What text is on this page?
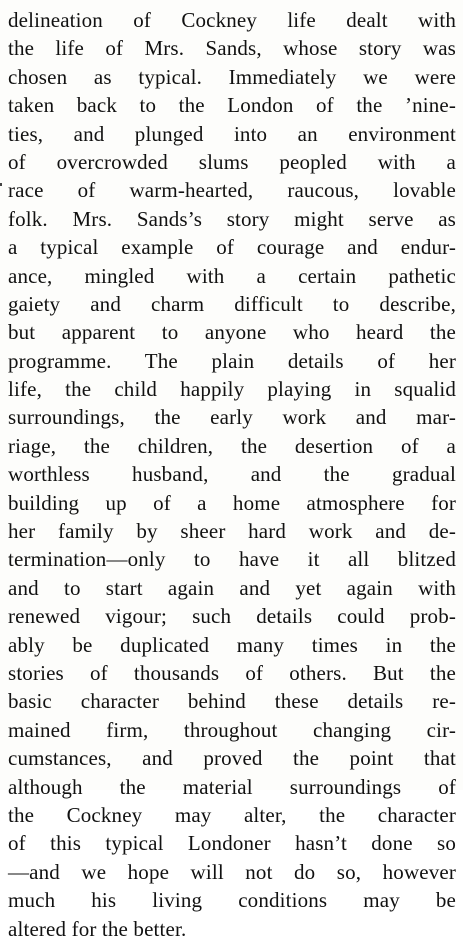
delineation of Cockney life dealt with
the life of Mrs. Sands, whose story was
chosen as typical. Immediately we were
taken back to the London of the ’nine-
ties, and plunged into an environment
of overcrowded slums peopled with a
race of warm-hearted, raucous, lovable
folk. Mrs. Sands’s story might serve as
a typical example of courage and endur-
ance, mingled with a certain pathetic
gaiety and charm difficult to describe,
but apparent to anyone who heard the
programme. The plain details of her
life, the child happily playing in squalid
surroundings, the early work and mar-
riage, the children, the desertion of a
worthless husband, and the gradual
building up of a home atmosphere for
her family by sheer hard work and de-
termination—only to have it all blitzed
and to start again and yet again with
renewed vigour; such details could prob-
ably be duplicated many times in the
stories of thousands of others. But the
basic character behind these details re-
mained firm, throughout changing cir-
cumstances, and proved the point that
although the material surroundings of
the Cockney may alter, the character
of this typical Londoner hasn’t done so
—and we hope will not do so, however
much his living conditions may be
altered for the better.
